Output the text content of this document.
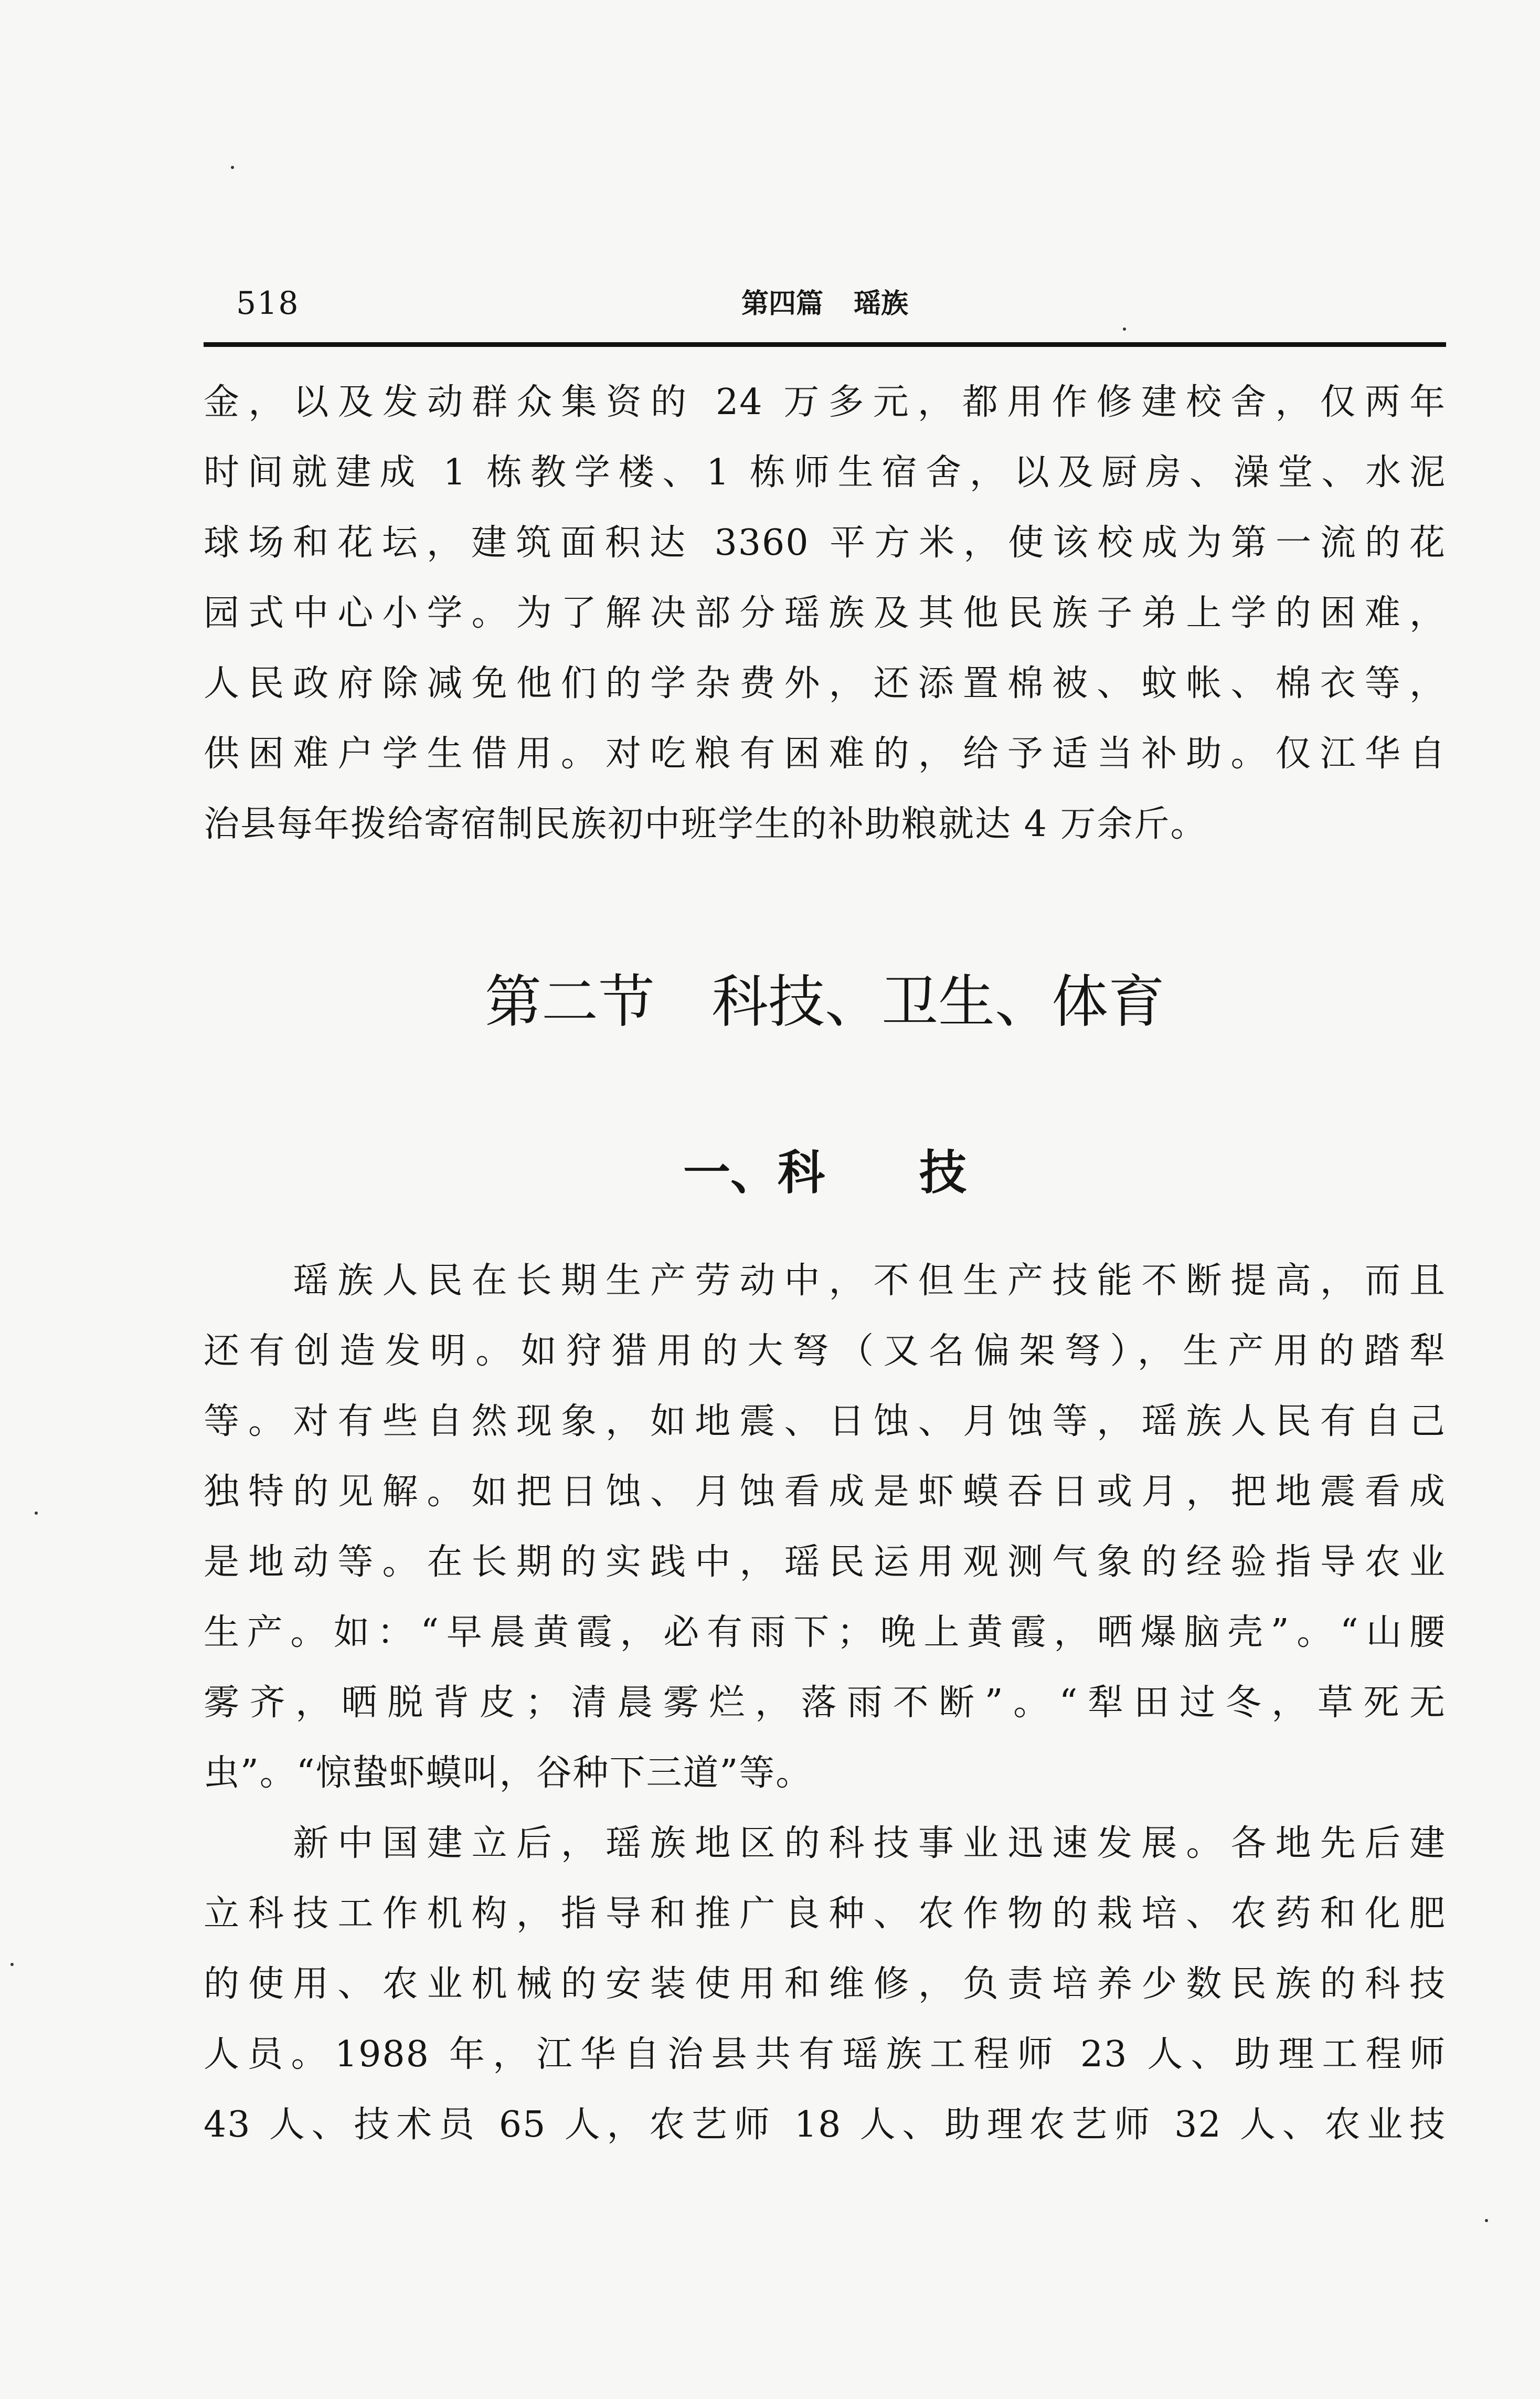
518	第四篇 瑶族
金，以及发动群众集资的 24 万多元，都用作修建校舍，仅两年
时间就建成 1 栋教学楼、1 栋师生宿舍，以及厨房、澡堂、水泥
球场和花坛，建筑面积达 3360 平方米，使该校成为第一流的花
园式中心小学。为了解决部分瑶族及其他民族子弟上学的困难，
人民政府除减免他们的学杂费外，还添置棉被、蚊帐、棉衣等，
供困难户学生借用。对吃粮有困难的，给予适当补助。仅江华自
治县每年拨给寄宿制民族初中班学生的补助粮就达 4 万余斤。
第二节　科技、卫生、体育
一、科　　技
　　瑶族人民在长期生产劳动中，不但生产技能不断提高，而且
还有创造发明。如狩猎用的大弩（又名偏架弩），生产用的踏犁
等。对有些自然现象，如地震、日蚀、月蚀等，瑶族人民有自己
独特的见解。如把日蚀、月蚀看成是虾蟆吞日或月，把地震看成
是地动等。在长期的实践中，瑶民运用观测气象的经验指导农业
生产。如：“早晨黄霞，必有雨下；晚上黄霞，晒爆脑壳”。“山腰
雾齐，晒脱背皮；清晨雾烂，落雨不断”。“犁田过冬，草死无
虫”。“惊蛰虾蟆叫，谷种下三道”等。
　　新中国建立后，瑶族地区的科技事业迅速发展。各地先后建
立科技工作机构，指导和推广良种、农作物的栽培、农药和化肥
的使用、农业机械的安装使用和维修，负责培养少数民族的科技
人员。1988 年，江华自治县共有瑶族工程师 23 人、助理工程师
43 人、技术员 65 人，农艺师 18 人、助理农艺师 32 人、农业技
